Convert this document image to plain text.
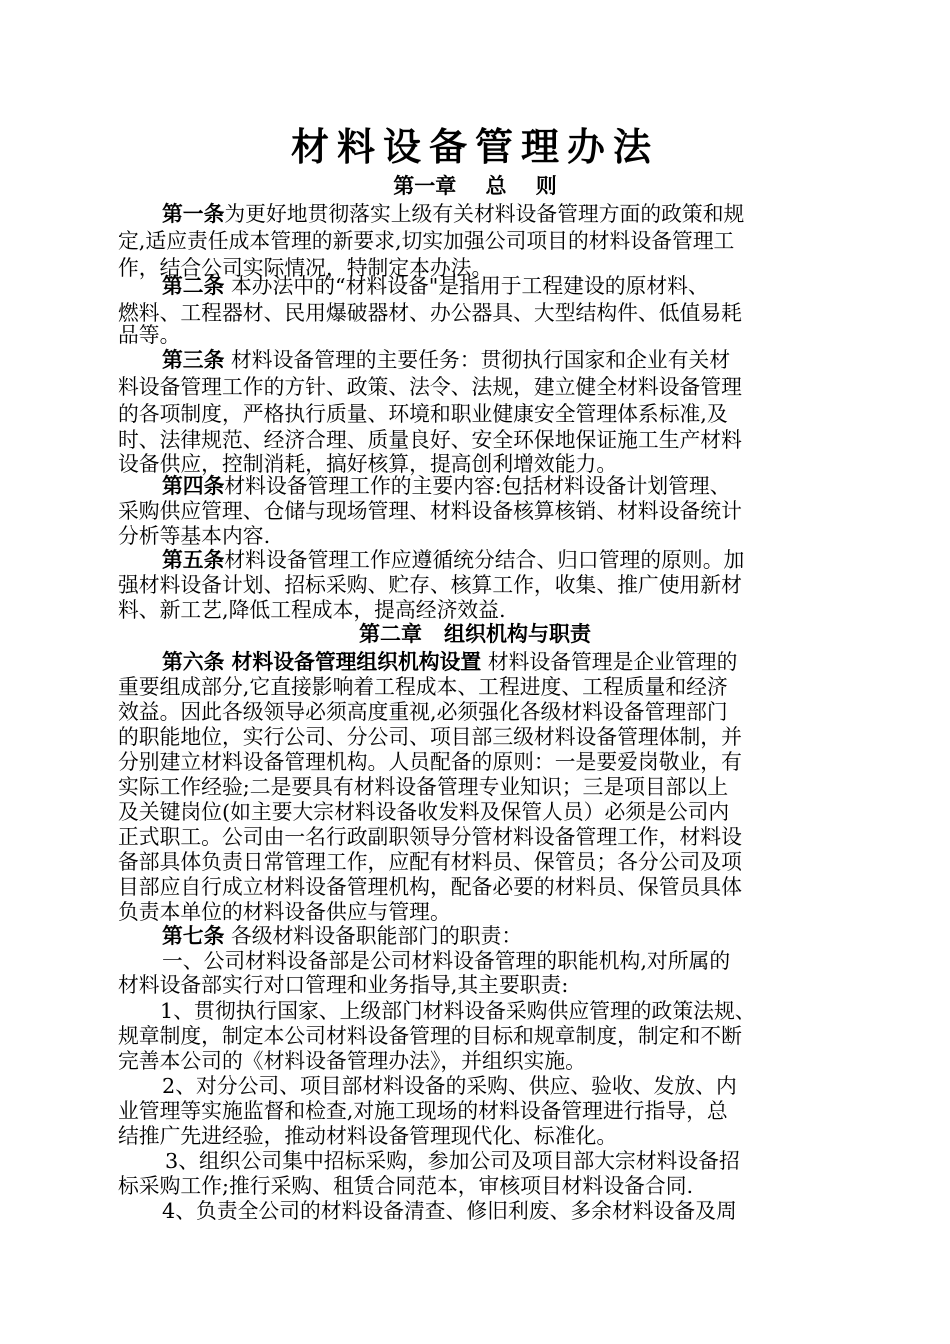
材料设备管理办法
第一章    总    则
第一条为更好地贯彻落实上级有关材料设备管理方面的政策和规
定,适应责任成本管理的新要求,切实加强公司项目的材料设备管理工
作，结合公司实际情况，特制定本办法。
第二条 本办法中的“材料设备"是指用于工程建设的原材料、
燃料、工程器材、民用爆破器材、办公器具、大型结构件、低值易耗
品等。
第三条 材料设备管理的主要任务：贯彻执行国家和企业有关材
料设备管理工作的方针、政策、法令、法规，建立健全材料设备管理
的各项制度，严格执行质量、环境和职业健康安全管理体系标准,及
时、法律规范、经济合理、质量良好、安全环保地保证施工生产材料
设备供应，控制消耗，搞好核算，提高创利增效能力。
第四条材料设备管理工作的主要内容:包括材料设备计划管理、
采购供应管理、仓储与现场管理、材料设备核算核销、材料设备统计
分析等基本内容.
第五条材料设备管理工作应遵循统分结合、归口管理的原则。加
强材料设备计划、招标采购、贮存、核算工作，收集、推广使用新材
料、新工艺,降低工程成本，提高经济效益.
第二章   组织机构与职责
第六条 材料设备管理组织机构设置 材料设备管理是企业管理的
重要组成部分,它直接影响着工程成本、工程进度、工程质量和经济
效益。因此各级领导必须高度重视,必须强化各级材料设备管理部门
的职能地位，实行公司、分公司、项目部三级材料设备管理体制，并
分别建立材料设备管理机构。人员配备的原则：一是要爱岗敬业，有
实际工作经验;二是要具有材料设备管理专业知识；三是项目部以上
及关键岗位(如主要大宗材料设备收发料及保管人员）必须是公司内
正式职工。公司由一名行政副职领导分管材料设备管理工作，材料设
备部具体负责日常管理工作，应配有材料员、保管员；各分公司及项
目部应自行成立材料设备管理机构，配备必要的材料员、保管员具体
负责本单位的材料设备供应与管理。
第七条 各级材料设备职能部门的职责：
一、公司材料设备部是公司材料设备管理的职能机构,对所属的
材料设备部实行对口管理和业务指导,其主要职责:
1、贯彻执行国家、上级部门材料设备采购供应管理的政策法规、
规章制度，制定本公司材料设备管理的目标和规章制度，制定和不断
完善本公司的《材料设备管理办法》，并组织实施。
2、对分公司、项目部材料设备的采购、供应、验收、发放、内
业管理等实施监督和检查,对施工现场的材料设备管理进行指导，总
结推广先进经验，推动材料设备管理现代化、标准化。
3、组织公司集中招标采购，参加公司及项目部大宗材料设备招
标采购工作;推行采购、租赁合同范本，审核项目材料设备合同.
4、负责全公司的材料设备清查、修旧利废、多余材料设备及周
